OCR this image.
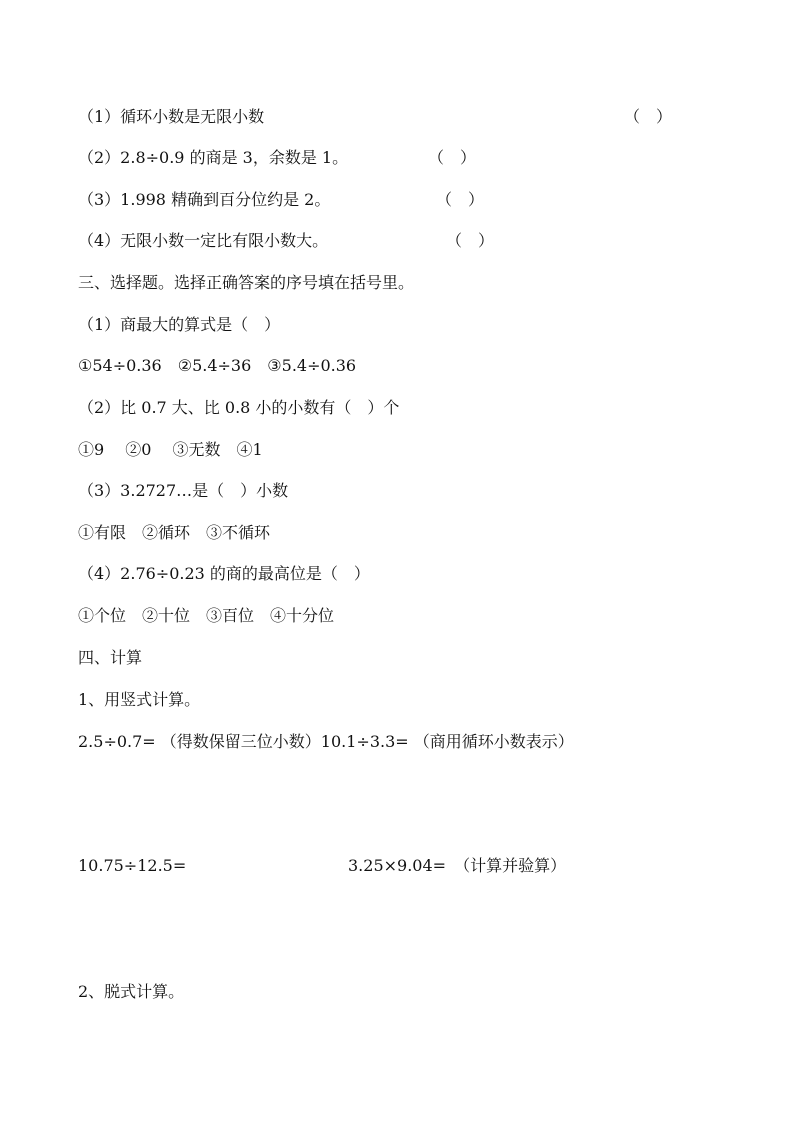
（1）循环小数是无限小数	（　）
（2）2.8÷0.9 的商是 3，余数是 1。	（　）
（3）1.998 精确到百分位约是 2。	（　）
（4）无限小数一定比有限小数大。	（　）
三、选择题。选择正确答案的序号填在括号里。
（1）商最大的算式是（　）
①54÷0.36　②5.4÷36　③5.4÷0.36
（2）比 0.7 大、比 0.8 小的小数有（　）个
①9　 ②0　 ③无数　④1
（3）3.2727…是（　）小数
①有限　②循环　③不循环
（4）2.76÷0.23 的商的最高位是（　）
①个位　②十位　③百位　④十分位
四、计算
1、用竖式计算。
2.5÷0.7= （得数保留三位小数）10.1÷3.3= （商用循环小数表示）
10.75÷12.5=	3.25×9.04=　（计算并验算）
2、脱式计算。
